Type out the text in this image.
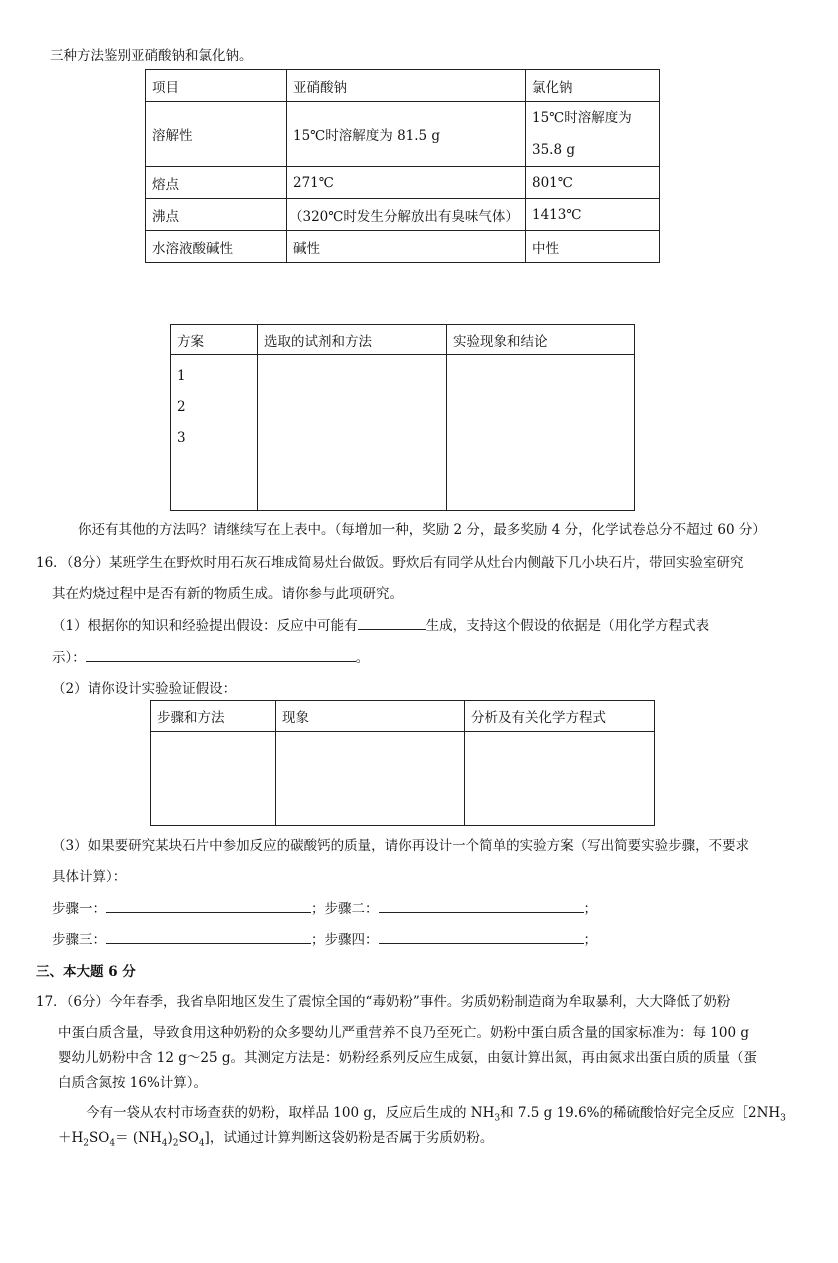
三种方法鉴别亚硝酸钠和氯化钠。
项目	亚硝酸钠	氯化钠
溶解性	15℃时溶解度为 81.5 g	15℃时溶解度为 35.8 g
熔点	271℃	801℃
沸点	（320℃时发生分解放出有臭味气体）	1413℃
水溶液酸碱性	碱性	中性
方案	选取的试剂和方法	实验现象和结论

1
2
3		

你还有其他的方法吗？请继续写在上表中。（每增加一种，奖励 2 分，最多奖励 4 分，化学试卷总分不超过 60 分）
16．（8分）某班学生在野炊时用石灰石堆成简易灶台做饭。野炊后有同学从灶台内侧敲下几小块石片，带回实验室研究
其在灼烧过程中是否有新的物质生成。请你参与此项研究。
（1）根据你的知识和经验提出假设：反应中可能有	生成，支持这个假设的依据是（用化学方程式表
示）：	。
（2）请你设计实验验证假设：
步骤和方法	现象	分析及有关化学方程式

（3）如果要研究某块石片中参加反应的碳酸钙的质量，请你再设计一个简单的实验方案（写出简要实验步骤，不要求
具体计算）：
步骤一：	；步骤二：	；
步骤三：	；步骤四：	；
三、本大题 6 分
17．（6分）今年春季，我省阜阳地区发生了震惊全国的“毒奶粉”事件。劣质奶粉制造商为牟取暴利，大大降低了奶粉
中蛋白质含量，导致食用这种奶粉的众多婴幼儿严重营养不良乃至死亡。奶粉中蛋白质含量的国家标准为：每 100 g
婴幼儿奶粉中含 12 g～25 g。其测定方法是：奶粉经系列反应生成氨，由氨计算出氮，再由氮求出蛋白质的质量（蛋
白质含氮按 16%计算）。
今有一袋从农村市场查获的奶粉，取样品 100 g，反应后生成的 $NH_3$和 7.5 g 19.6%的稀硫酸恰好完全反应$[2NH_3$
$+H_2SO_4= (NH_4)_2SO_4$]，试通过计算判断这袋奶粉是否属于劣质奶粉。
